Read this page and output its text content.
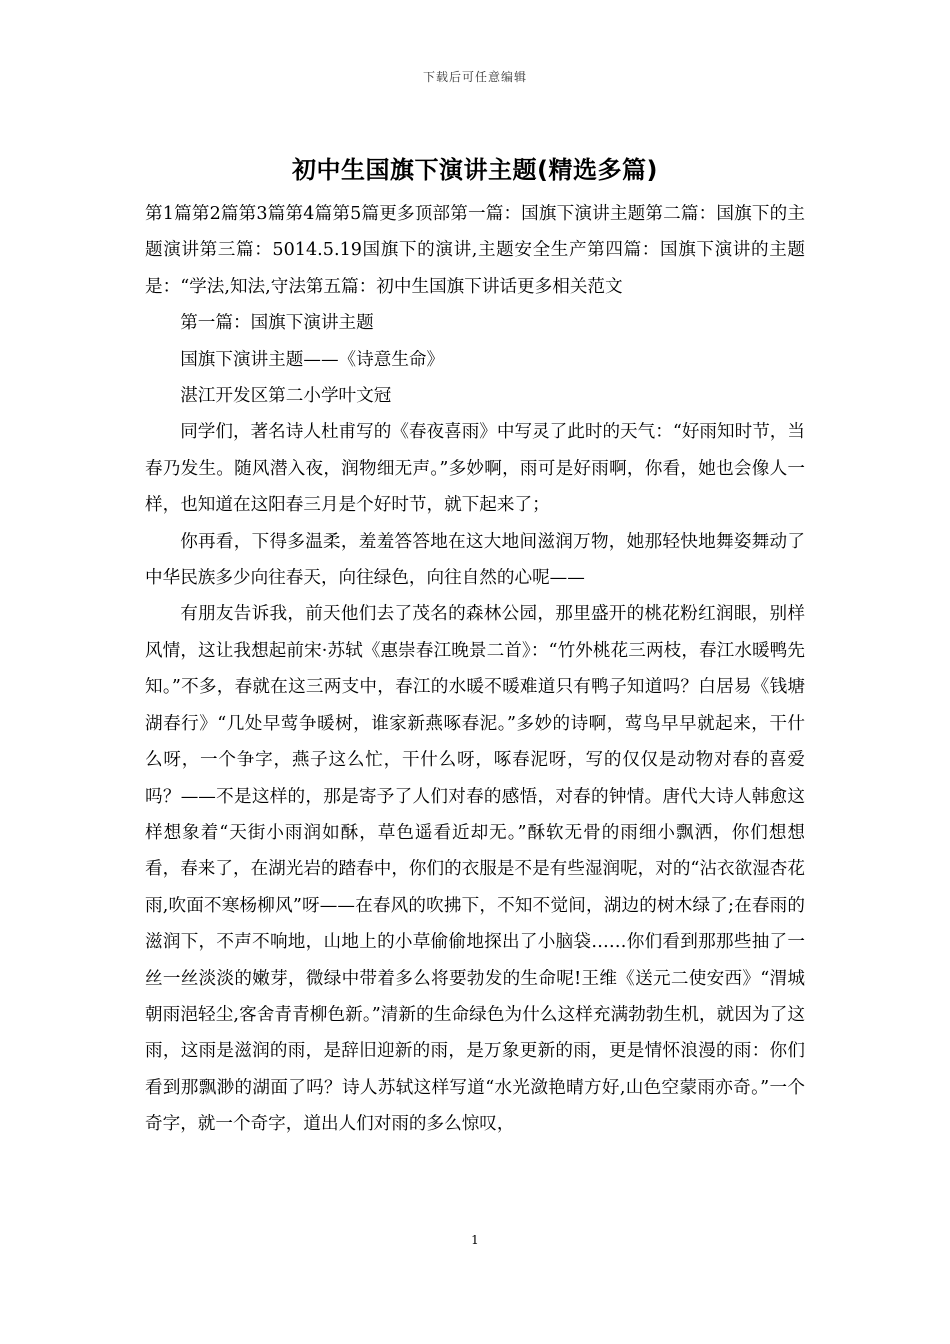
下载后可任意编辑
初中生国旗下演讲主题(精选多篇)

第1篇第2篇第3篇第4篇第5篇更多顶部第一篇：国旗下演讲主题第二篇：国旗下的主题演讲第三篇：5014.5.19国旗下的演讲,主题安全生产第四篇：国旗下演讲的主题是：“学法,知法,守法第五篇：初中生国旗下讲话更多相关范文

第一篇：国旗下演讲主题

国旗下演讲主题——《诗意生命》

湛江开发区第二小学叶文冠

同学们，著名诗人杜甫写的《春夜喜雨》中写灵了此时的天气：“好雨知时节，当春乃发生。随风潜入夜，润物细无声。”多妙啊，雨可是好雨啊，你看，她也会像人一样，也知道在这阳春三月是个好时节，就下起来了；

你再看，下得多温柔，羞羞答答地在这大地间滋润万物，她那轻快地舞姿舞动了中华民族多少向往春天，向往绿色，向往自然的心呢——

有朋友告诉我，前天他们去了茂名的森林公园，那里盛开的桃花粉红润眼，别样风情，这让我想起前宋·苏轼《惠崇春江晚景二首》：“竹外桃花三两枝，春江水暖鸭先知。”不多，春就在这三两支中，春江的水暖不暖难道只有鸭子知道吗？白居易《钱塘湖春行》“几处早莺争暖树，谁家新燕啄春泥。”多妙的诗啊，莺鸟早早就起来，干什么呀，一个争字，燕子这么忙，干什么呀，啄春泥呀，写的仅仅是动物对春的喜爱吗？——不是这样的，那是寄予了人们对春的感悟，对春的钟情。唐代大诗人韩愈这样想象着“天街小雨润如酥，草色遥看近却无。”酥软无骨的雨细小飘洒，你们想想看，春来了，在湖光岩的踏春中，你们的衣服是不是有些湿润呢，对的“沾衣欲湿杏花雨,吹面不寒杨柳风”呀——在春风的吹拂下，不知不觉间，湖边的树木绿了;在春雨的滋润下，不声不响地，山地上的小草偷偷地探出了小脑袋……你们看到那那些抽了一丝一丝淡淡的嫩芽，微绿中带着多么将要勃发的生命呢!王维《送元二使安西》“渭城朝雨浥轻尘,客舍青青柳色新。”清新的生命绿色为什么这样充满勃勃生机，就因为了这雨，这雨是滋润的雨，是辞旧迎新的雨，是万象更新的雨，更是情怀浪漫的雨：你们看到那飘渺的湖面了吗？诗人苏轼这样写道“水光潋艳晴方好,山色空蒙雨亦奇。”一个奇字，就一个奇字，道出人们对雨的多么惊叹，

1
